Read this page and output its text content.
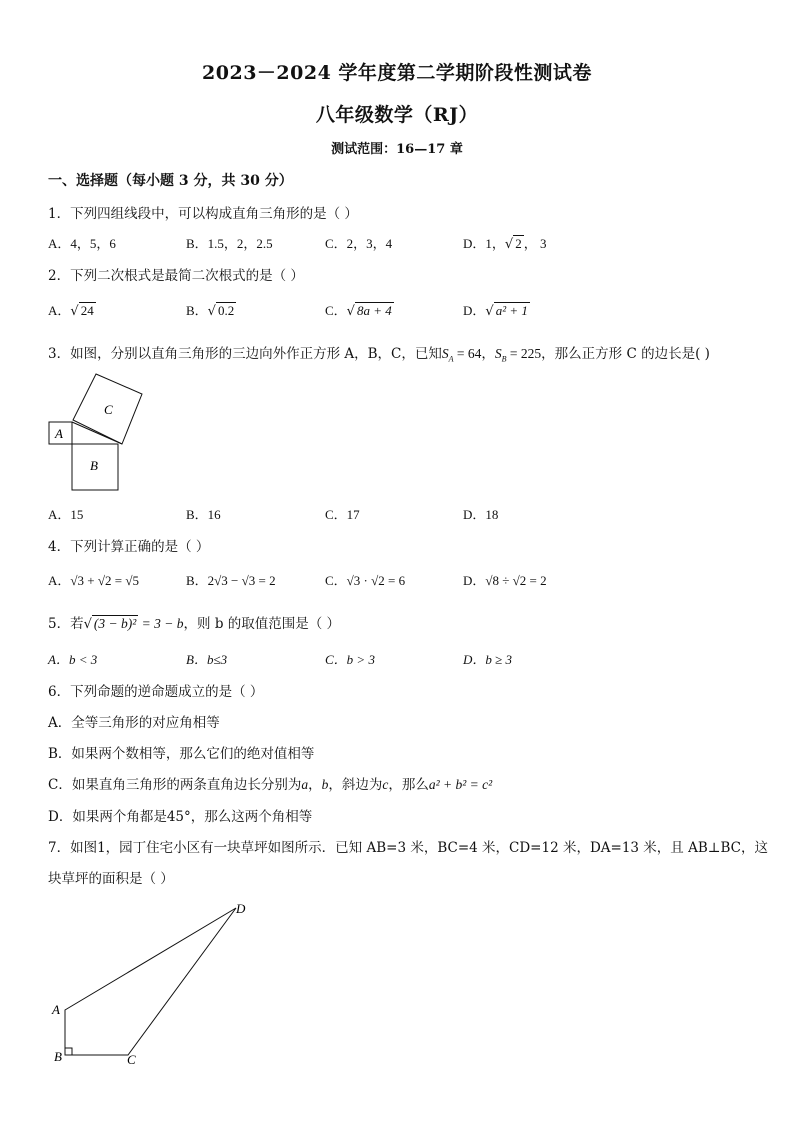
2023－2024 学年度第二学期阶段性测试卷
八年级数学（RJ）
测试范围：16—17 章
一、选择题（每小题 3 分，共 30 分）
1．下列四组线段中，可以构成直角三角形的是（ ）
A．4，5，6	B．1.5，2，2.5	C．2，3，4	D．1，√ 2 ， 3
2．下列二次根式是最简二次根式的是（ ）
A．√ 24	B．√ 0.2	C．√ 8a + 4	D．√ a² + 1
3．如图，分别以直角三角形的三边向外作正方形 A，B，C，已知$S_A = 64$，$S_B = 225$，那么正方形 C 的边长是( )
C
A
B
A．15	B．16	C．17	D．18
4．下列计算正确的是（ ）
A．√3 + √2 = √5	B．2√3 − √3 = 2	C．√3 · √2 = 6	D．√8 ÷ √2 = 2
5．若√ (3 − b)² = 3 − b，则 b 的取值范围是（ ）
A．b < 3	B．b≤3	C．b > 3	D．b ≥ 3
6．下列命题的逆命题成立的是（ ）
A．全等三角形的对应角相等
B．如果两个数相等，那么它们的绝对值相等
C．如果直角三角形的两条直角边长分别为a，b，斜边为c，那么a² + b² = c²
D．如果两个角都是45°，那么这两个角相等
7．如图1，园丁住宅小区有一块草坪如图所示．已知 AB=3 米，BC=4 米，CD=12 米，DA=13 米，且 AB⊥BC，这
块草坪的面积是（ ）
A
B	C
D
